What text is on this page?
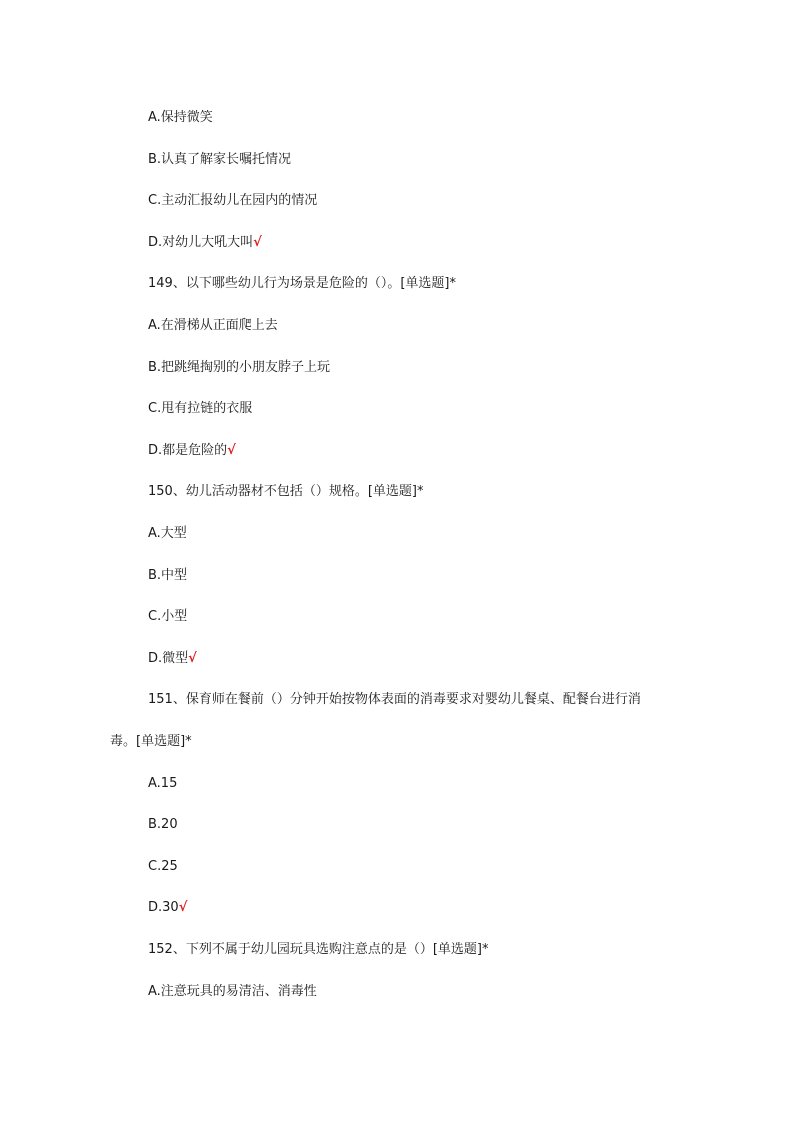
A.保持微笑
B.认真了解家长嘱托情况
C.主动汇报幼儿在园内的情况
D.对幼儿大吼大叫√
149、以下哪些幼儿行为场景是危险的（）。[单选题]*
A.在滑梯从正面爬上去
B.把跳绳掏别的小朋友脖子上玩
C.甩有拉链的衣服
D.都是危险的√
150、幼儿活动器材不包括（）规格。[单选题]*
A.大型
B.中型
C.小型
D.微型√
151、保育师在餐前（）分钟开始按物体表面的消毒要求对婴幼儿餐桌、配餐台进行消
毒。[单选题]*
A.15
B.20
C.25
D.30√
152、下列不属于幼儿园玩具选购注意点的是（）[单选题]*
A.注意玩具的易清洁、消毒性
